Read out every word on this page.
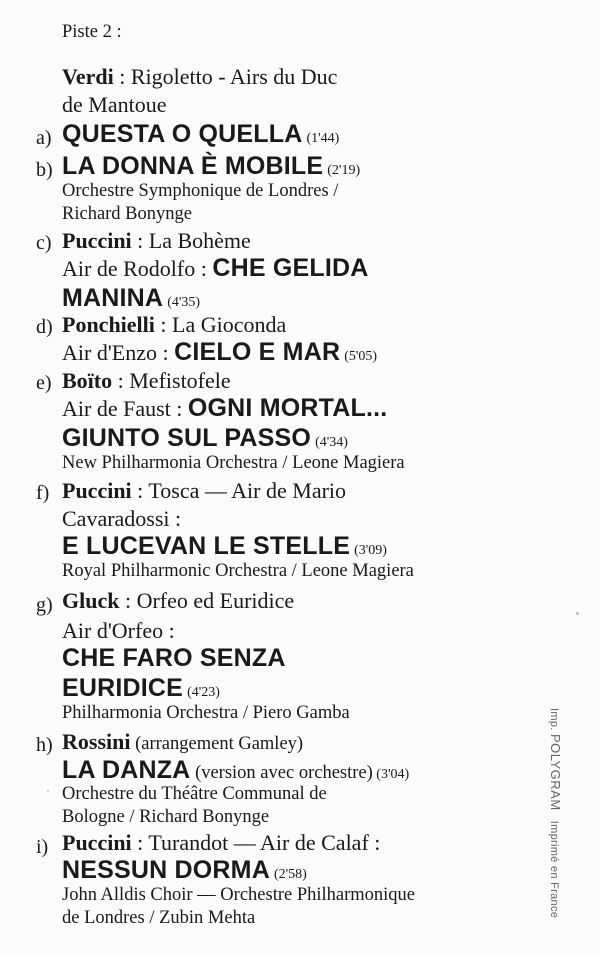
Piste 2 :
Verdi : Rigoletto - Airs du Duc
de Mantoue
a) QUESTA O QUELLA (1'44)
b) LA DONNA È MOBILE (2'19)
Orchestre Symphonique de Londres /
Richard Bonynge
c) Puccini : La Bohème
Air de Rodolfo : CHE GELIDA
MANINA (4'35)
d) Ponchielli : La Gioconda
Air d'Enzo : CIELO E MAR (5'05)
e) Boïto : Mefistofele
Air de Faust : OGNI MORTAL...
GIUNTO SUL PASSO (4'34)
New Philharmonia Orchestra / Leone Magiera
f) Puccini : Tosca — Air de Mario
Cavaradossi :
E LUCEVAN LE STELLE (3'09)
Royal Philharmonic Orchestra / Leone Magiera
g) Gluck : Orfeo ed Euridice
Air d'Orfeo :
CHE FARO SENZA
EURIDICE (4'23)
Philharmonia Orchestra / Piero Gamba
h) Rossini (arrangement Gamley)
LA DANZA (version avec orchestre) (3'04)
Orchestre du Théâtre Communal de
Bologne / Richard Bonynge
i) Puccini : Turandot — Air de Calaf :
NESSUN DORMA (2'58)
John Alldis Choir — Orchestre Philharmonique
de Londres / Zubin Mehta
Imp. POLYGRAM   Imprimé en France
